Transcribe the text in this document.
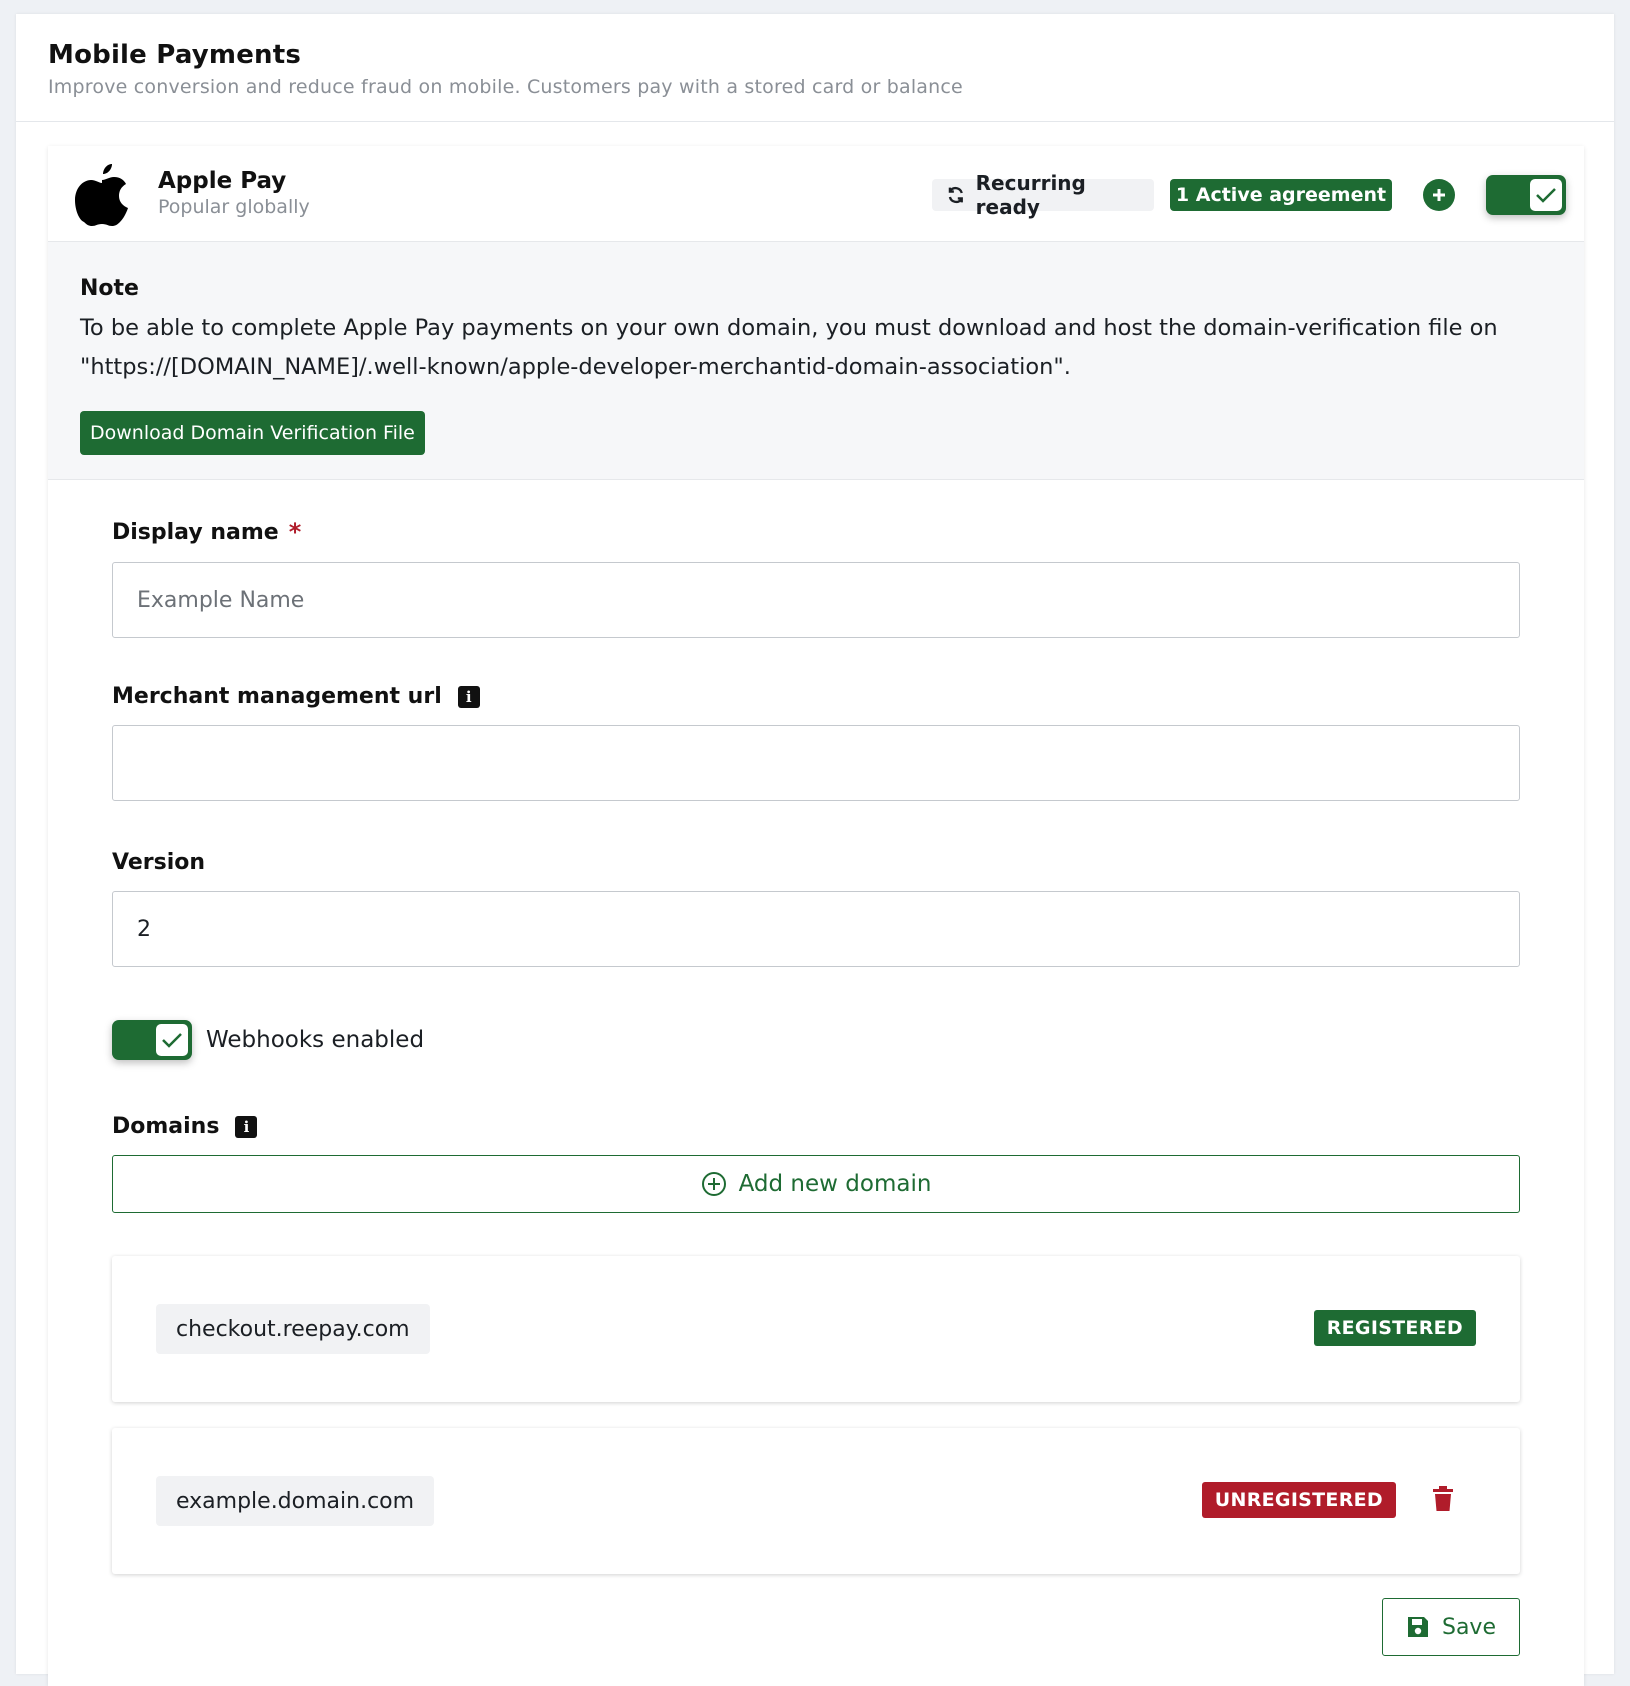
Mobile Payments
Improve conversion and reduce fraud on mobile. Customers pay with a stored card or balance
Apple Pay
Popular globally
Recurring ready	1 Active agreement
Note
To be able to complete Apple Pay payments on your own domain, you must download and host the domain-verification file on "https://[DOMAIN_NAME]/.well-known/apple-developer-merchantid-domain-association".
Download Domain Verification File
Display name *
Example Name
Merchant management url	i
Version
2
Webhooks enabled
Domains	i
Add new domain
checkout.reepay.com	REGISTERED
example.domain.com	UNREGISTERED
Save
